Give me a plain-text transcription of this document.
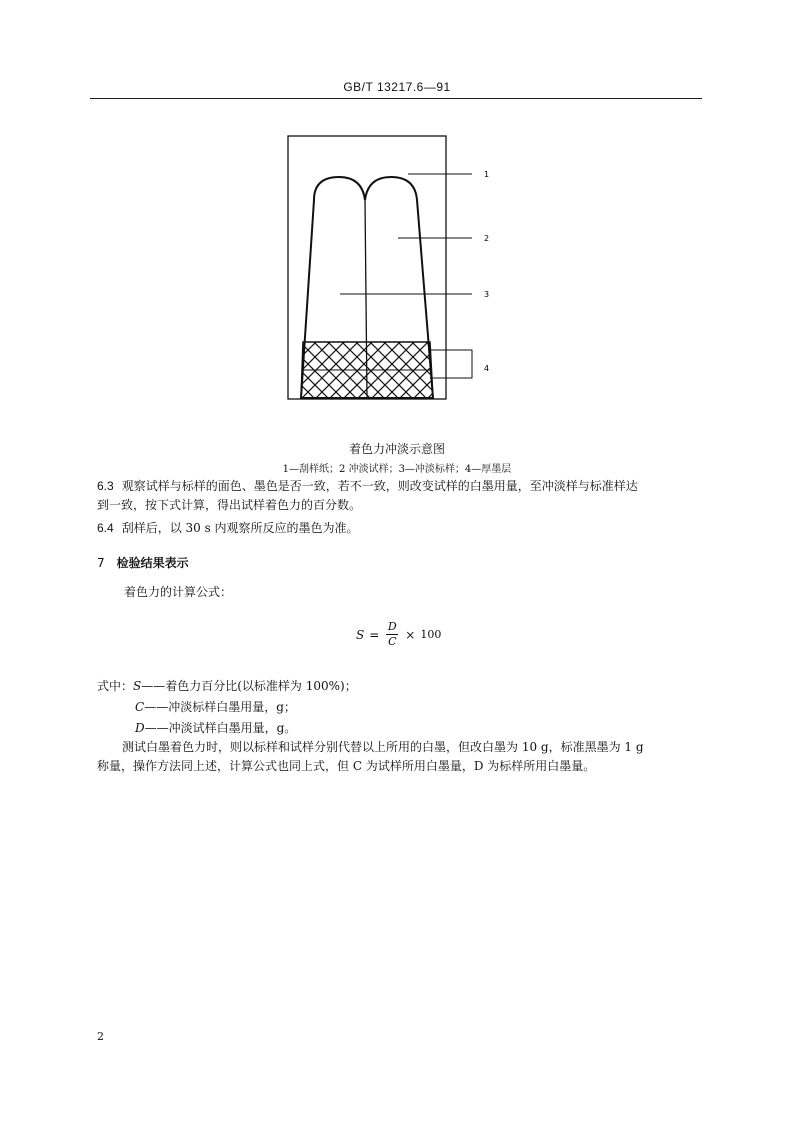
GB/T 13217.6—91
1
2
3
4
着色力冲淡示意图
1—刮样纸；2 冲淡试样；3—冲淡标样；4—厚墨层
6.3 观察试样与标样的面色、墨色是否一致，若不一致，则改变试样的白墨用量，至冲淡样与标准样达
到一致，按下式计算，得出试样着色力的百分数。
6.4 刮样后，以 30 s 内观察所反应的墨色为准。
7 检验结果表示
着色力的计算公式：
$S = \frac{D}{C} \times 100$
式中：S——着色力百分比(以标准样为 100%)；
C——冲淡标样白墨用量，g；
D——冲淡试样白墨用量，g。
测试白墨着色力时，则以标样和试样分别代替以上所用的白墨，但改白墨为 10 g，标准黑墨为 1 g
称量，操作方法同上述，计算公式也同上式，但 C 为试样所用白墨量，D 为标样所用白墨量。
2
